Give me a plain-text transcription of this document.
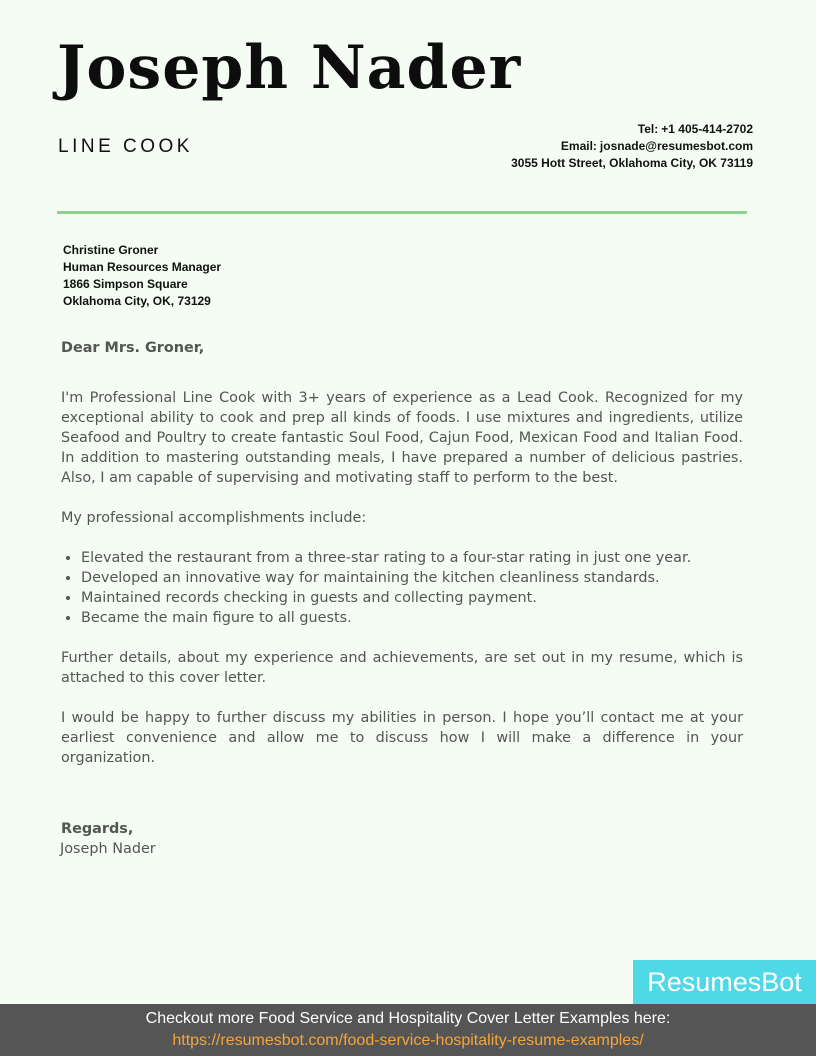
Joseph Nader
LINE COOK
Tel: +1 405-414-2702
Email: josnade@resumesbot.com
3055 Hott Street, Oklahoma City, OK 73119
Christine Groner
Human Resources Manager
1866 Simpson Square
Oklahoma City, OK, 73129

Dear Mrs. Groner,

I'm Professional Line Cook with 3+ years of experience as a Lead Cook. Recognized for my exceptional ability to cook and prep all kinds of foods. I use mixtures and ingredients, utilize Seafood and Poultry to create fantastic Soul Food, Cajun Food, Mexican Food and Italian Food. In addition to mastering outstanding meals, I have prepared a number of delicious pastries. Also, I am capable of supervising and motivating staff to perform to the best.

My professional accomplishments include:

• Elevated the restaurant from a three-star rating to a four-star rating in just one year.
• Developed an innovative way for maintaining the kitchen cleanliness standards.
• Maintained records checking in guests and collecting payment.
• Became the main figure to all guests.

Further details, about my experience and achievements, are set out in my resume, which is attached to this cover letter.

I would be happy to further discuss my abilities in person. I hope you’ll contact me at your earliest convenience and allow me to discuss how I will make a difference in your organization.

Regards,
Joseph Nader
ResumesBot
Checkout more Food Service and Hospitality Cover Letter Examples here:
https://resumesbot.com/food-service-hospitality-resume-examples/
